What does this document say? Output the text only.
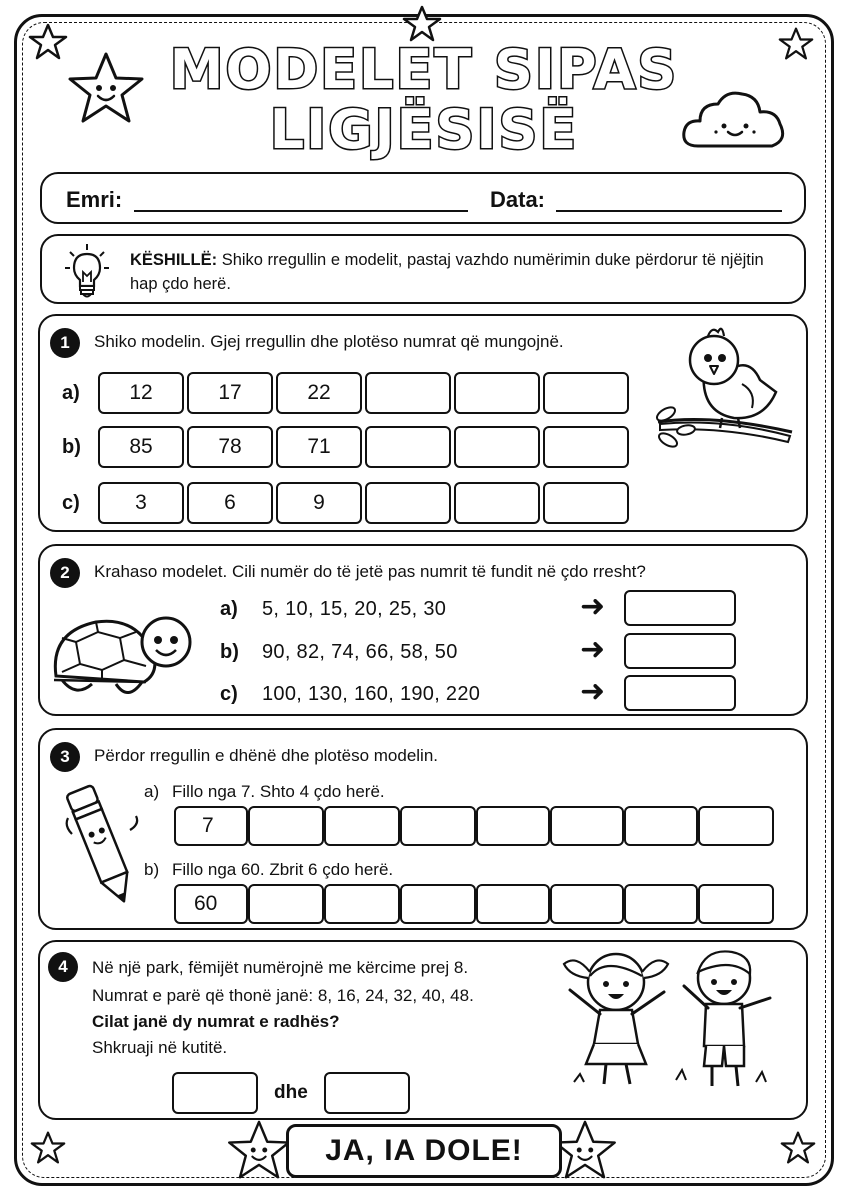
MODELET SIPAS
LIGJËSISË
Emri:	Data:
KËSHILLË: Shiko rregullin e modelit, pastaj vazhdo numërimin duke përdorur të njëjtin hap çdo herë.
1	Shiko modelin. Gjej rregullin dhe plotëso numrat që mungojnë.
a)	12	17	22
b)	85	78	71
c)	3	6	9
2	Krahaso modelet. Cili numër do të jetë pas numrit të fundit në çdo rresht?
a) 5, 10, 15, 20, 25, 30	➜
b) 90, 82, 74, 66, 58, 50	➜
c) 100, 130, 160, 190, 220	➜
3	Përdor rregullin e dhënë dhe plotëso modelin.
a) Fillo nga 7. Shto 4 çdo herë.
7
b) Fillo nga 60. Zbrit 6 çdo herë.
60
4	Në një park, fëmijët numërojnë me kërcime prej 8.
Numrat e parë që thonë janë: 8, 16, 24, 32, 40, 48.
Cilat janë dy numrat e radhës?
Shkruaji në kutitë.
dhe
JA, IA DOLE!
